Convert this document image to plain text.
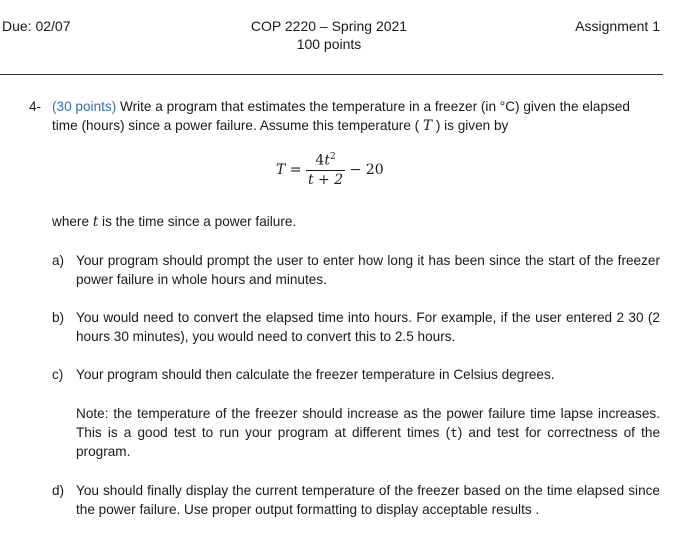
Due: 02/07	COP 2220 – Spring 2021
100 points
Assignment 1
4- (30 points) Write a program that estimates the temperature in a freezer (in °C) given the elapsed
time (hours) since a power failure. Assume this temperature ( T ) is given by
$T = \frac{4t^2}{t + 2} - 20$
where t is the time since a power failure.
a) Your program should prompt the user to enter how long it has been since the start of the freezer power failure in whole hours and minutes.
b) You would need to convert the elapsed time into hours. For example, if the user entered 2 30 (2 hours 30 minutes), you would need to convert this to 2.5 hours.
c) Your program should then calculate the freezer temperature in Celsius degrees.
Note: the temperature of the freezer should increase as the power failure time lapse increases. This is a good test to run your program at different times (t) and test for correctness of the program.
d) You should finally display the current temperature of the freezer based on the time elapsed since the power failure. Use proper output formatting to display acceptable results .
